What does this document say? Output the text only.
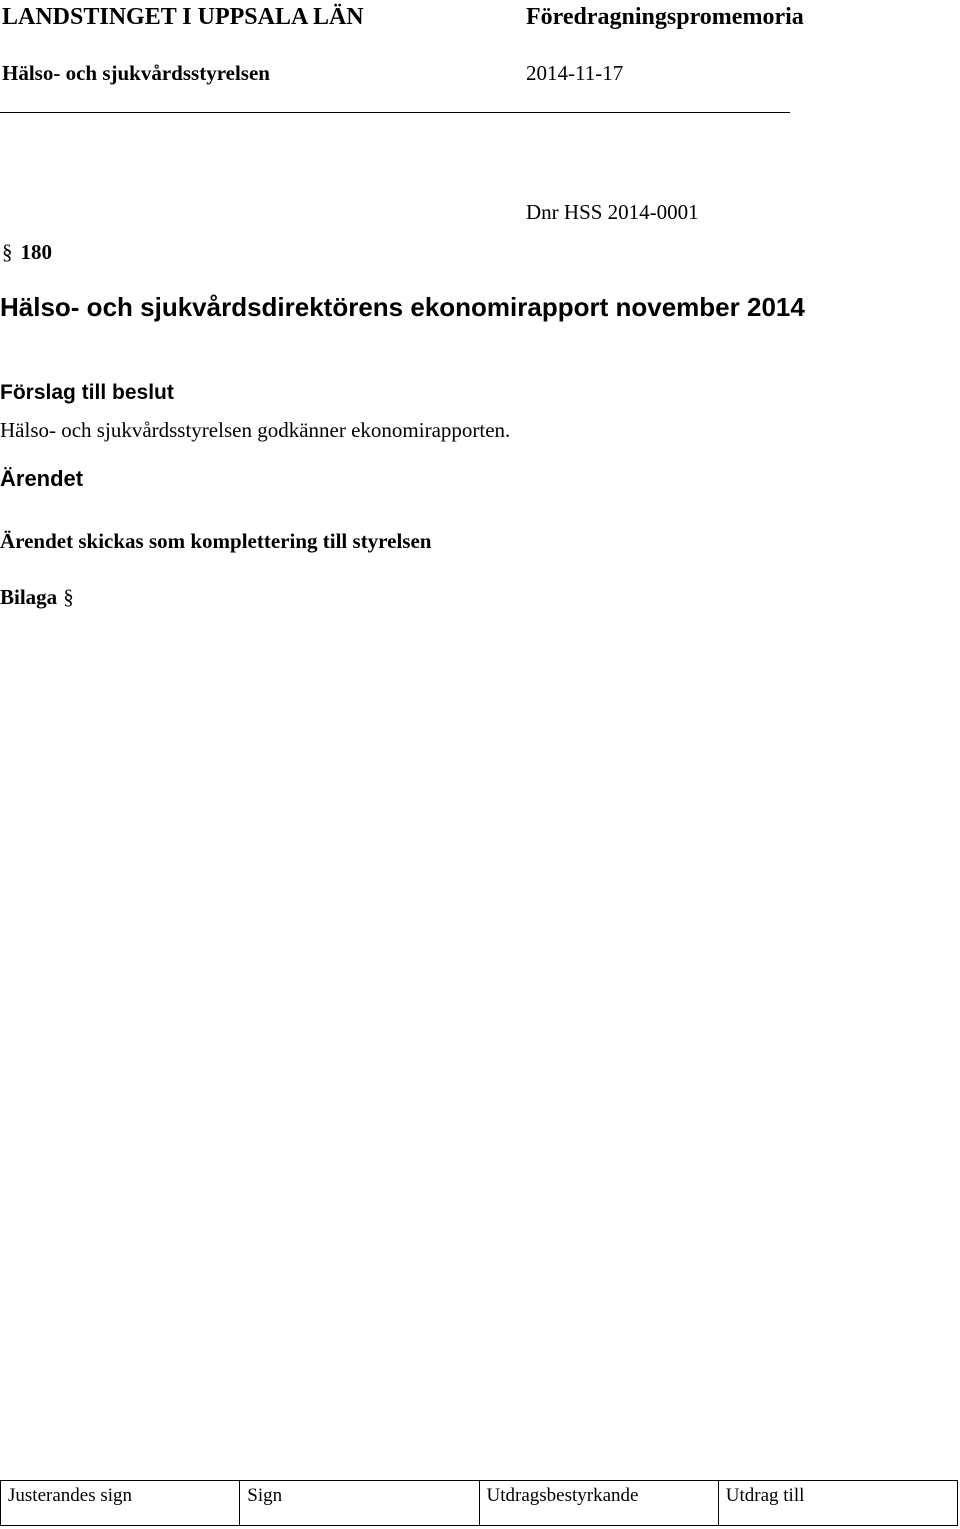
LANDSTINGET I UPPSALA LÄN	Föredragningspromemoria
Hälso- och sjukvårdsstyrelsen	2014-11-17
Dnr HSS 2014-0001
§ 180
Hälso- och sjukvårdsdirektörens ekonomirapport november 2014
Förslag till beslut
Hälso- och sjukvårdsstyrelsen godkänner ekonomirapporten.
Ärendet
Ärendet skickas som komplettering till styrelsen
Bilaga §
Justerandes sign	Sign	Utdragsbestyrkande	Utdrag till
